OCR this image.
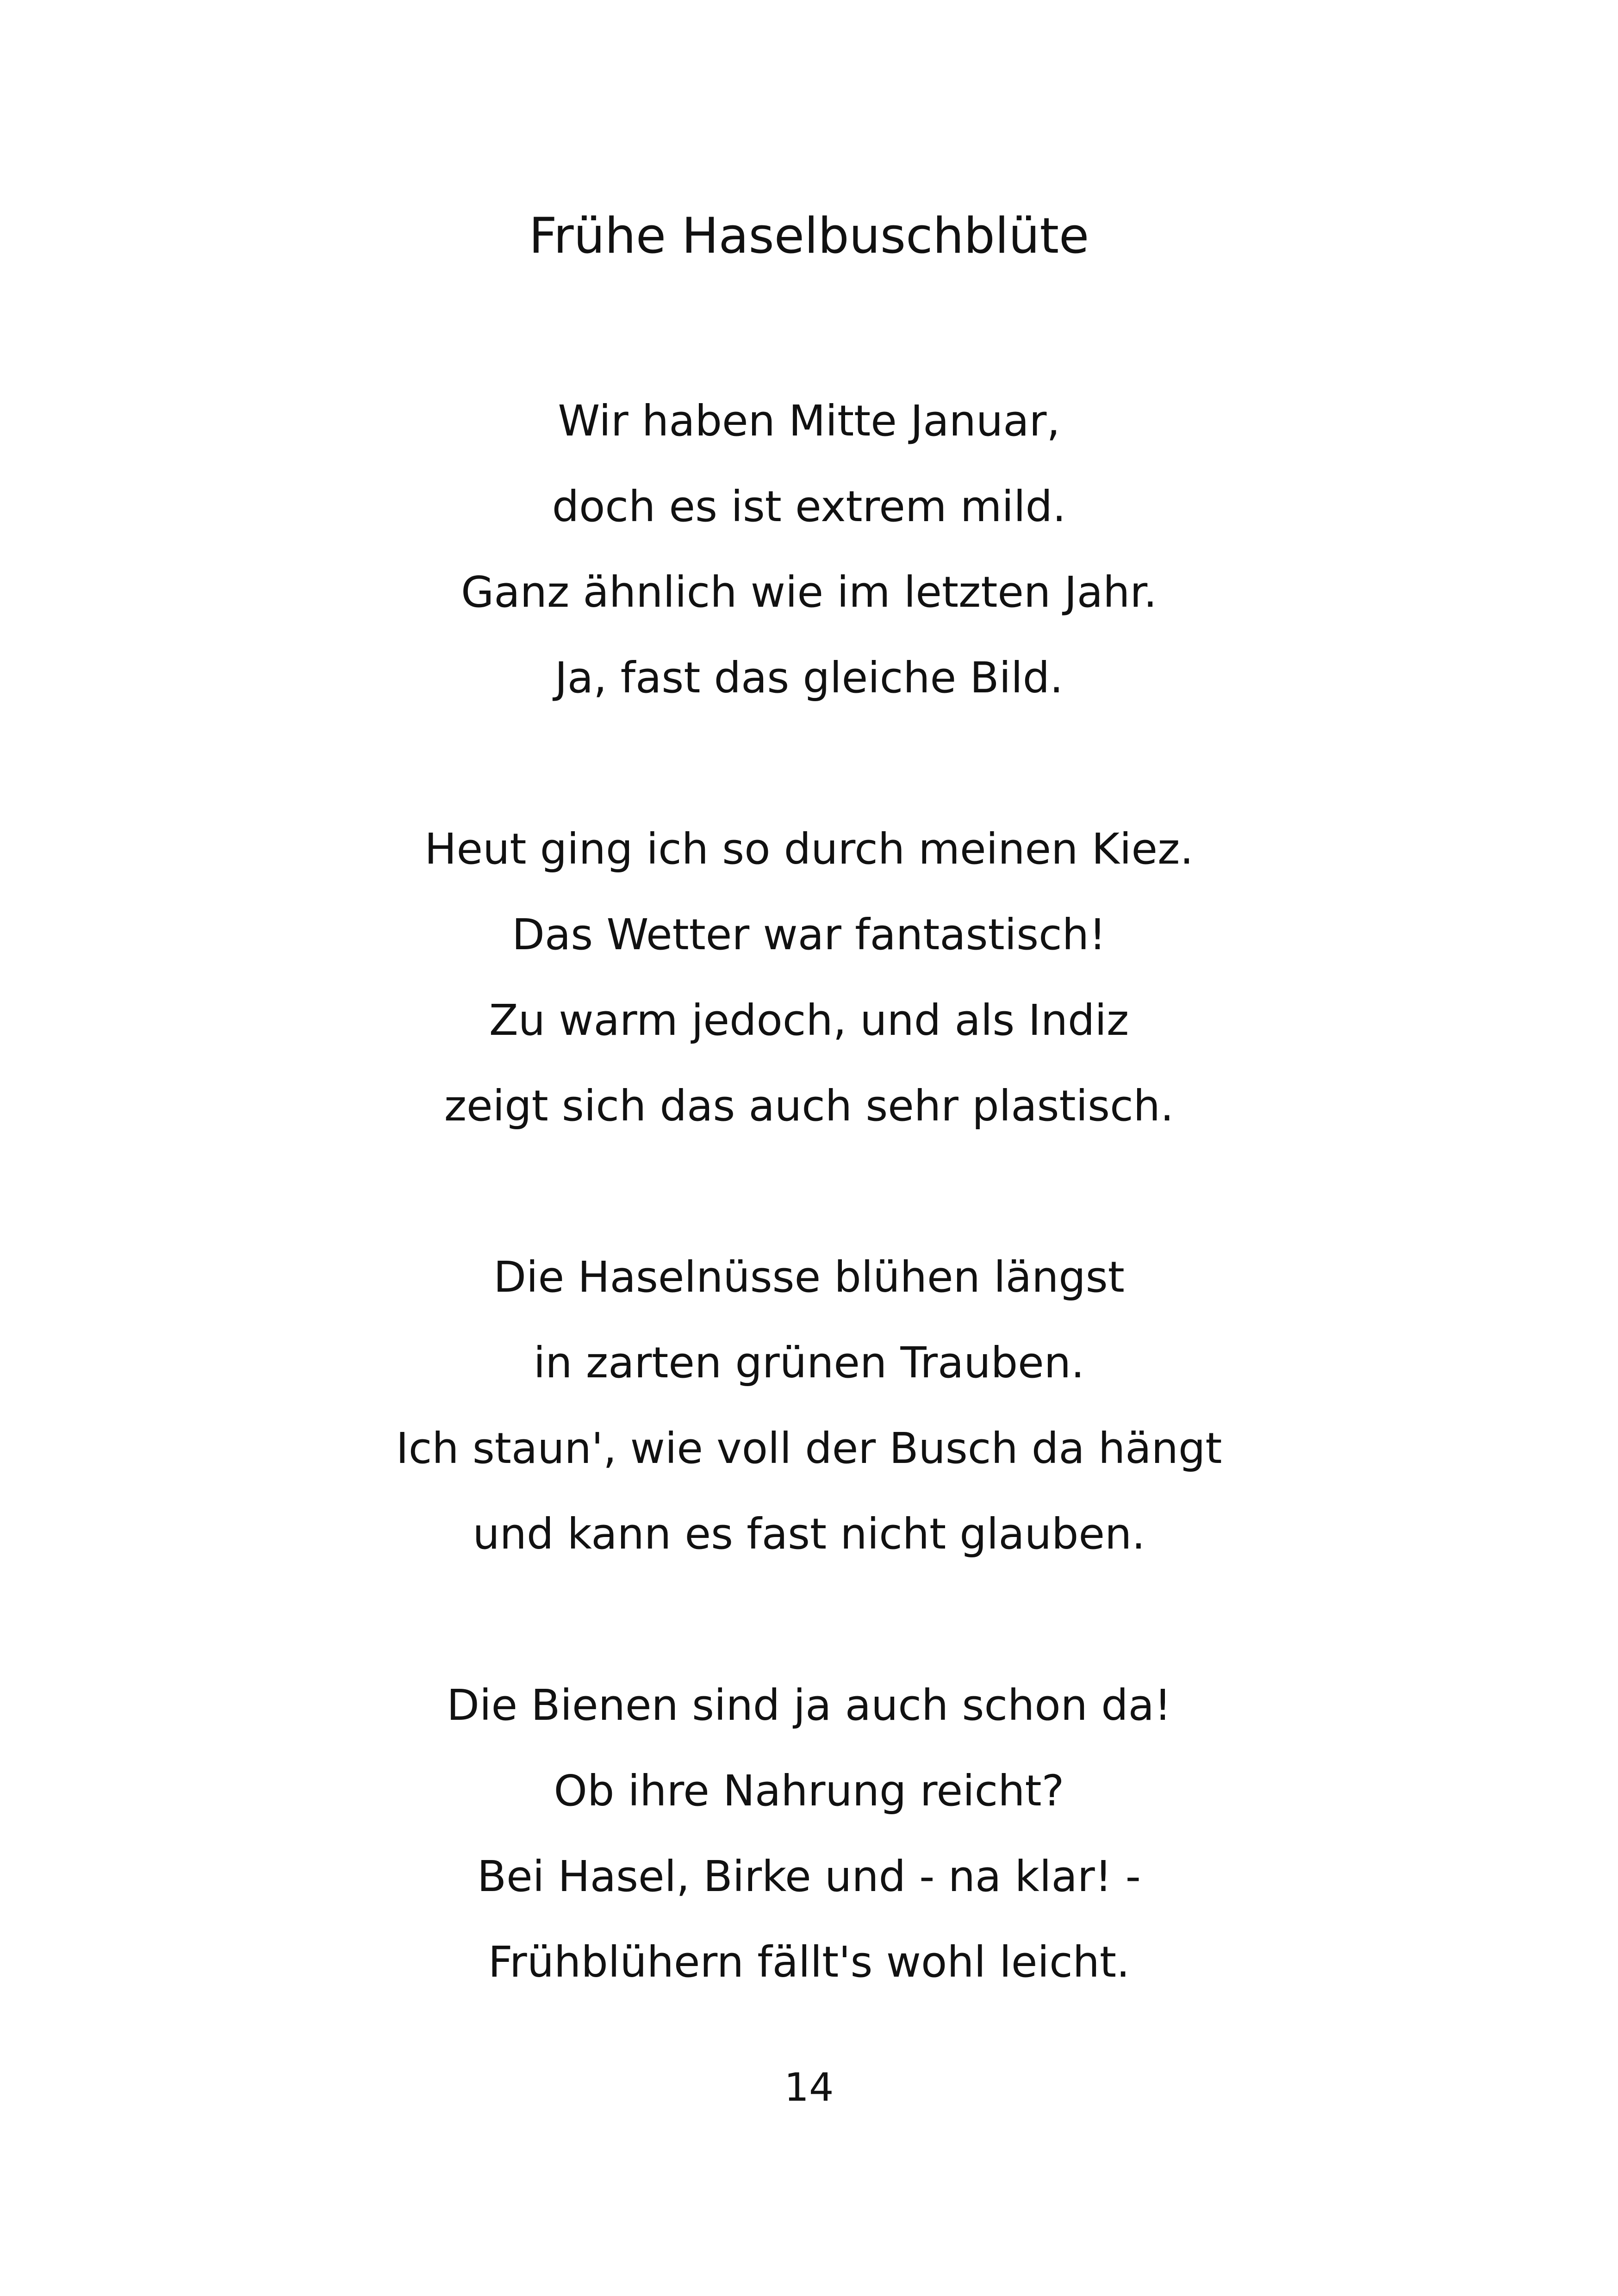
Frühe Haselbuschblüte
Wir haben Mitte Januar,
doch es ist extrem mild.
Ganz ähnlich wie im letzten Jahr.
Ja, fast das gleiche Bild.
Heut ging ich so durch meinen Kiez.
Das Wetter war fantastisch!
Zu warm jedoch, und als Indiz
zeigt sich das auch sehr plastisch.
Die Haselnüsse blühen längst
in zarten grünen Trauben.
Ich staun', wie voll der Busch da hängt
und kann es fast nicht glauben.
Die Bienen sind ja auch schon da!
Ob ihre Nahrung reicht?
Bei Hasel, Birke und - na klar! -
Frühblühern fällt's wohl leicht.
14
